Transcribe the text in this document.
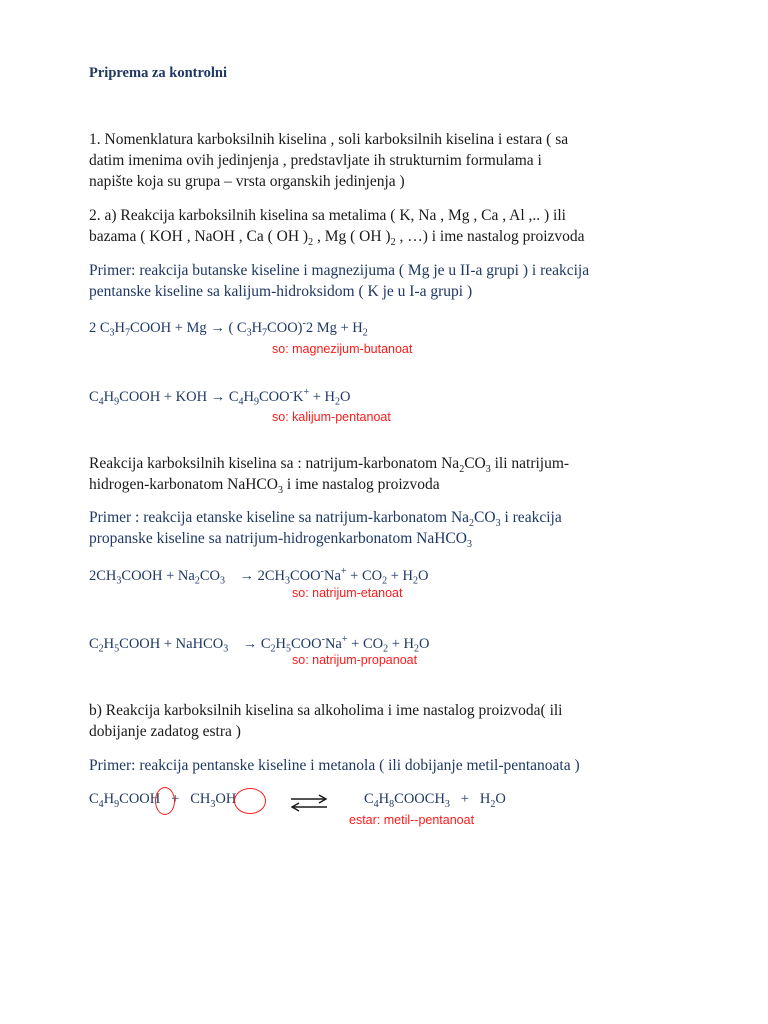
Priprema za kontrolni
1. Nomenklatura karboksilnih kiselina , soli karboksilnih kiselina i estara ( sa
datim imenima ovih jedinjenja , predstavljate ih strukturnim formulama i
napište koja su grupa – vrsta organskih jedinjenja )
2. a) Reakcija karboksilnih kiselina sa metalima ( K, Na , Mg , Ca , Al ,.. ) ili
bazama ( KOH , NaOH , Ca ( OH )$_2$ , Mg ( OH )$_2$ , …) i ime nastalog proizvoda
Primer: reakcija butanske kiseline i magnezijuma ( Mg je u II-a grupi ) i reakcija
pentanske kiseline sa kalijum-hidroksidom ( K je u I-a grupi )
2 $C_3H_7COOH + Mg$ → ( $C_3H_7COO)^-2$ $Mg + H_2$
so: magnezijum-butanoat
$C_4H_9COOH$ + KOH → $C_4H_9COO^-K^+ + H_2O$
so: kalijum-pentanoat
Reakcija karboksilnih kiselina sa : natrijum-karbonatom $Na_2CO_3$ ili natrijum-
hidrogen-karbonatom NaHCO$_3$ i ime nastalog proizvoda
Primer : reakcija etanske kiseline sa natrijum-karbonatom $Na_2CO_3$ i reakcija
propanske kiseline sa natrijum-hidrogenkarbonatom NaHCO$_3$
$2CH_3COOH + Na_2CO_3 \to 2CH_3COO^-Na^+ + CO_2 + H_2O$
so: natrijum-etanoat
$C_2H_5COOH$ + NaHCO$_3$ → $C_2H_5COO^-Na^+ + CO_2 + H_2O$
so: natrijum-propanoat
b) Reakcija karboksilnih kiselina sa alkoholima i ime nastalog proizvoda( ili
dobijanje zadatog estra )
Primer: reakcija pentanske kiseline i metanola ( ili dobijanje metil-pentanoata )
$C_4H_9COOH + CH_3OH$	$C_4H_8COOCH_3 + H_2O$
estar: metil--pentanoat
